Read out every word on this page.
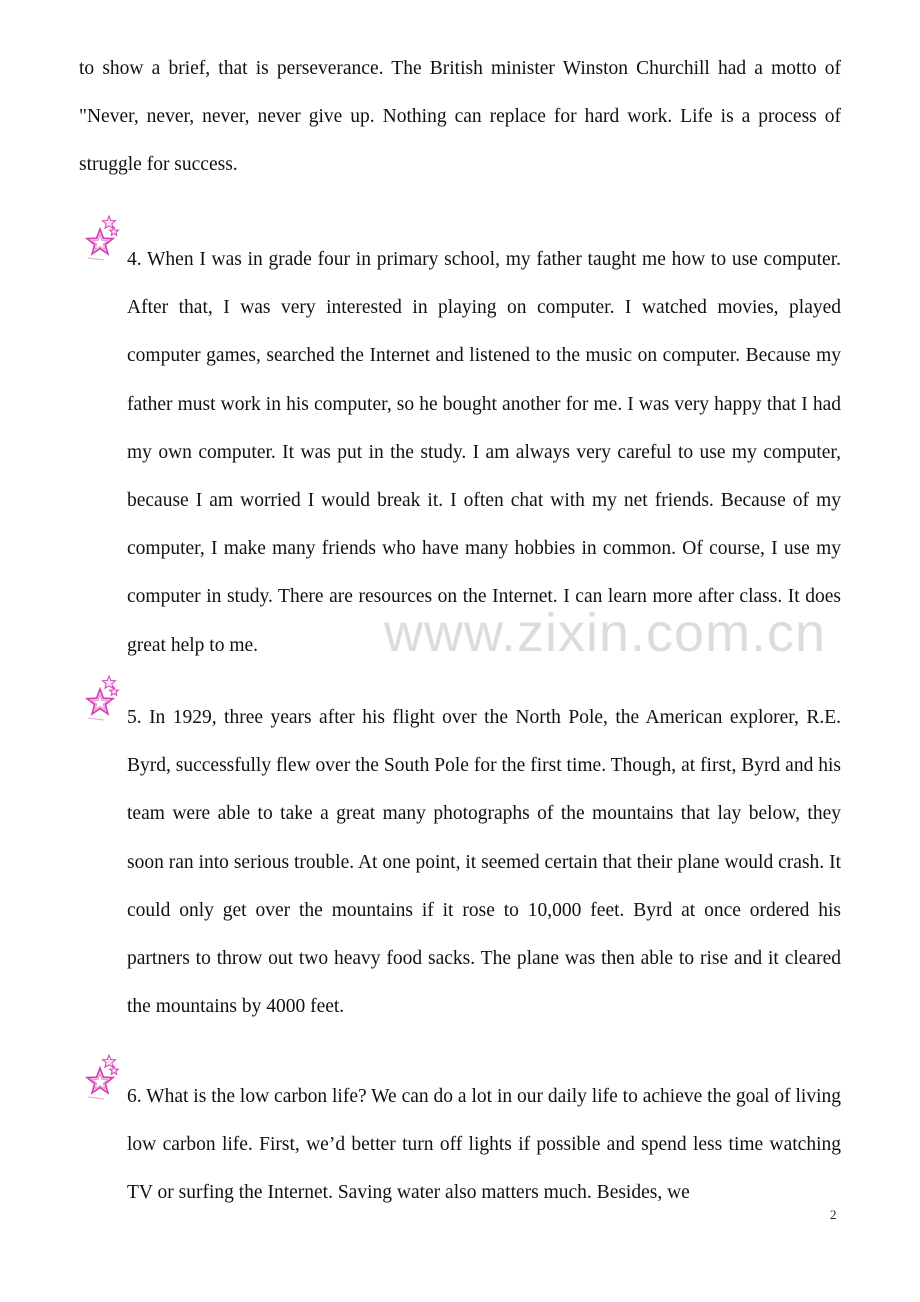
to show a brief, that is perseverance. The British minister Winston Churchill had a motto of "Never, never, never, never give up. Nothing can replace for hard work. Life is a process of struggle for success.

4. When I was in grade four in primary school, my father taught me how to use computer. After that, I was very interested in playing on computer. I watched movies, played computer games, searched the Internet and listened to the music on computer. Because my father must work in his computer, so he bought another for me. I was very happy that I had my own computer. It was put in the study. I am always very careful to use my computer, because I am worried I would break it. I often chat with my net friends. Because of my computer, I make many friends who have many hobbies in common. Of course, I use my computer in study. There are resources on the Internet. I can learn more after class. It does great help to me.

5. In 1929, three years after his flight over the North Pole, the American explorer, R.E. Byrd, successfully flew over the South Pole for the first time. Though, at first, Byrd and his team were able to take a great many photographs of the mountains that lay below, they soon ran into serious trouble. At one point, it seemed certain that their plane would crash. It could only get over the mountains if it rose to 10,000 feet. Byrd at once ordered his partners to throw out two heavy food sacks. The plane was then able to rise and it cleared the mountains by 4000 feet.

6. What is the low carbon life? We can do a lot in our daily life to achieve the goal of living low carbon life. First, we’d better turn off lights if possible and spend less time watching TV or surfing the Internet. Saving water also matters much. Besides, we

www.zixin.com.cn
2
